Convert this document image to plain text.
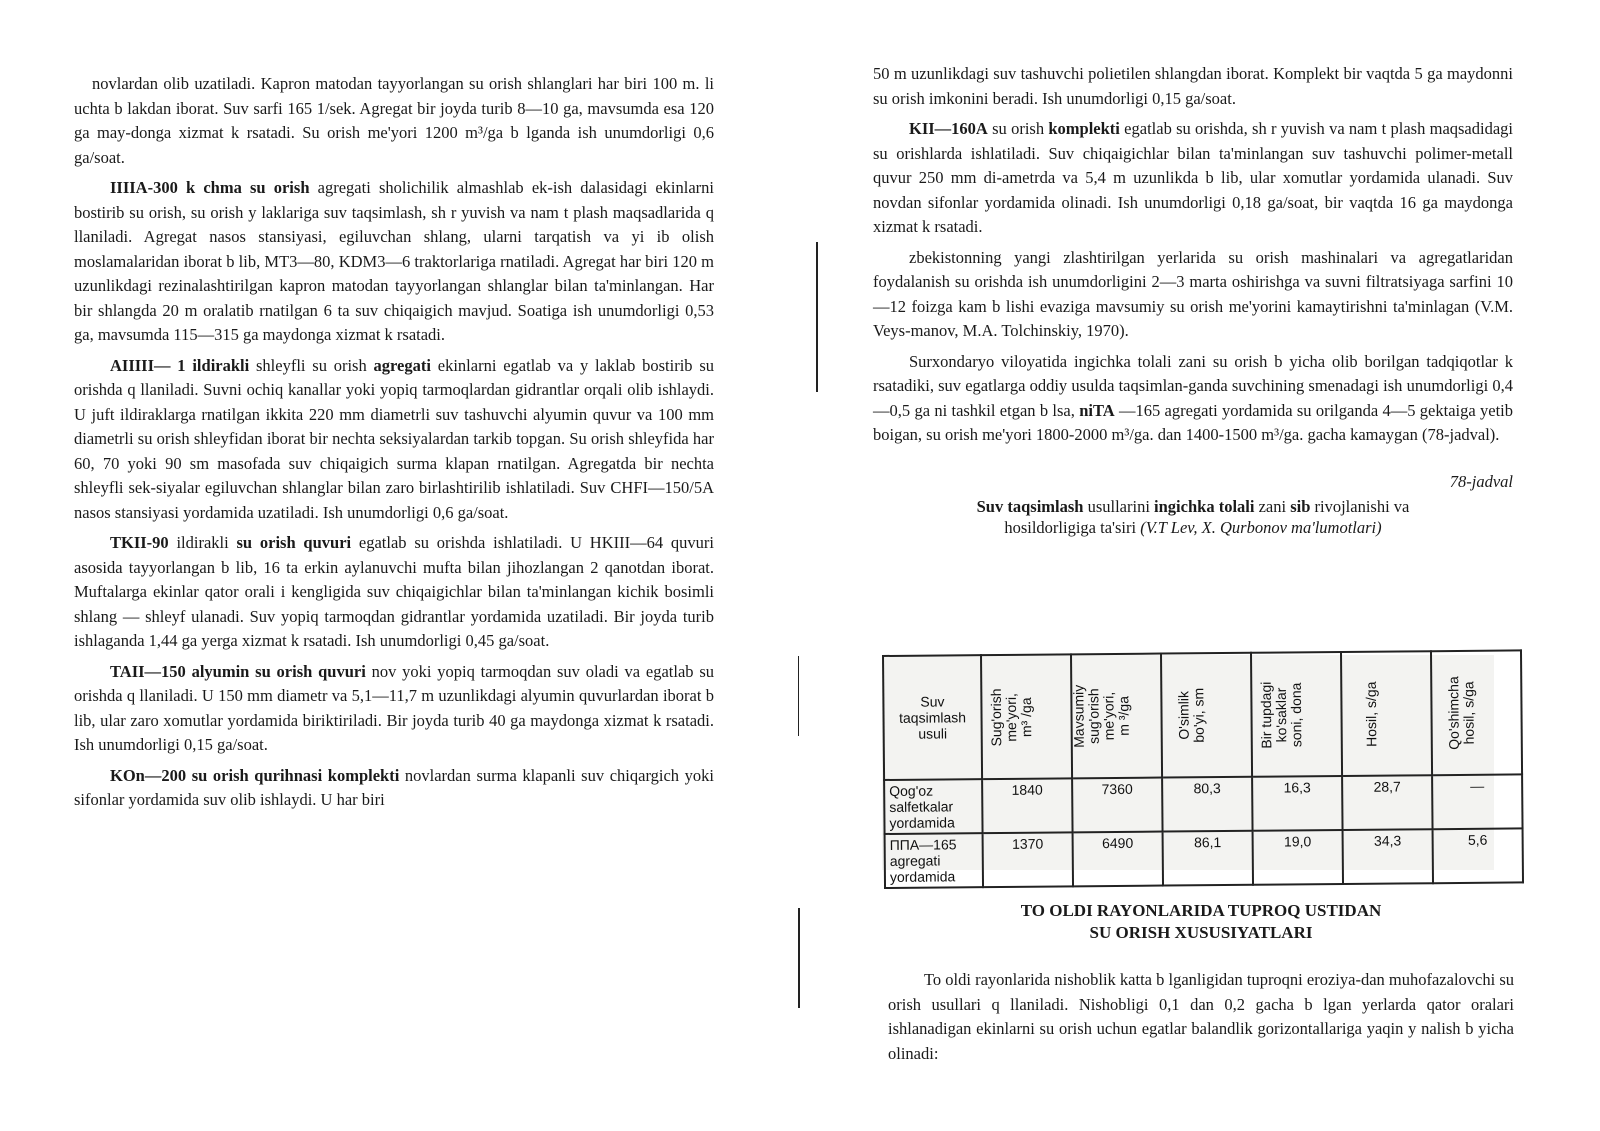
novlardan olib uzatiladi. Kapron matodan tayyorlangan su orish shlanglari har biri 100 m. li uchta b lakdan iborat. Suv sarfi 165 1/sek. Agregat bir joyda turib 8—10 ga, mavsumda esa 120 ga may-donga xizmat k rsatadi. Su orish me'yori 1200 m³/ga b lganda ish unumdorligi 0,6 ga/soat.

IIIIA-300 k chma su orish agregati sholichilik almashlab ek-ish dalasidagi ekinlarni bostirib su orish, su orish y laklariga suv taqsimlash, sh r yuvish va nam t plash maqsadlarida q llaniladi. Agregat nasos stansiyasi, egiluvchan shlang, ularni tarqatish va yi ib olish moslamalaridan iborat b lib, MT3—80, KDM3—6 traktorlariga rnatiladi. Agregat har biri 120 m uzunlikdagi rezinalashtirilgan kapron matodan tayyorlangan shlanglar bilan ta'minlangan. Har bir shlangda 20 m oralatib rnatilgan 6 ta suv chiqaigich mavjud. Soatiga ish unumdorligi 0,53 ga, mavsumda 115—315 ga maydonga xizmat k rsatadi.

AIIIII— 1 ildirakli shleyfli su orish agregati ekinlarni egatlab va y laklab bostirib su orishda q llaniladi. Suvni ochiq kanallar yoki yopiq tarmoqlardan gidrantlar orqali olib ishlaydi. U juft ildiraklarga rnatilgan ikkita 220 mm diametrli suv tashuvchi alyumin quvur va 100 mm diametrli su orish shleyfidan iborat bir nechta seksiyalardan tarkib topgan. Su orish shleyfida har 60, 70 yoki 90 sm masofada suv chiqaigich surma klapan rnatilgan. Agregatda bir nechta shleyfli sek-siyalar egiluvchan shlanglar bilan zaro birlashtirilib ishlatiladi. Suv CHFI—150/5A nasos stansiyasi yordamida uzatiladi. Ish unumdorligi 0,6 ga/soat.

TKII-90 ildirakli su orish quvuri egatlab su orishda ishlatiladi. U HKIII—64 quvuri asosida tayyorlangan b lib, 16 ta erkin aylanuvchi mufta bilan jihozlangan 2 qanotdan iborat. Muftalarga ekinlar qator orali i kengligida suv chiqaigichlar bilan ta'minlangan kichik bosimli shlang — shleyf ulanadi. Suv yopiq tarmoqdan gidrantlar yordamida uzatiladi. Bir joyda turib ishlaganda 1,44 ga yerga xizmat k rsatadi. Ish unumdorligi 0,45 ga/soat.

TAII—150 alyumin su orish quvuri nov yoki yopiq tarmoqdan suv oladi va egatlab su orishda q llaniladi. U 150 mm diametr va 5,1—11,7 m uzunlikdagi alyumin quvurlardan iborat b lib, ular zaro xomutlar yordamida biriktiriladi. Bir joyda turib 40 ga maydonga xizmat k rsatadi. Ish unumdorligi 0,15 ga/soat.

KOn—200 su orish qurihnasi komplekti novlardan surma klapanli suv chiqargich yoki sifonlar yordamida suv olib ishlaydi. U har biri

50 m uzunlikdagi suv tashuvchi polietilen shlangdan iborat. Komplekt bir vaqtda 5 ga maydonni su orish imkonini beradi. Ish unumdorligi 0,15 ga/soat.

KII—160A su orish komplekti egatlab su orishda, sh r yuvish va nam t plash maqsadidagi su orishlarda ishlatiladi. Suv chiqaigichlar bilan ta'minlangan suv tashuvchi polimer-metall quvur 250 mm di-ametrda va 5,4 m uzunlikda b lib, ular xomutlar yordamida ulanadi. Suv novdan sifonlar yordamida olinadi. Ish unumdorligi 0,18 ga/soat, bir vaqtda 16 ga maydonga xizmat k rsatadi.

zbekistonning yangi zlashtirilgan yerlarida su orish mashinalari va agregatlaridan foydalanish su orishda ish unumdorligini 2—3 marta oshirishga va suvni filtratsiyaga sarfini 10—12 foizga kam b lishi evaziga mavsumiy su orish me'yorini kamaytirishni ta'minlagan (V.M. Veys-manov, M.A. Tolchinskiy, 1970).

Surxondaryo viloyatida ingichka tolali zani su orish b yicha olib borilgan tadqiqotlar k rsatadiki, suv egatlarga oddiy usulda taqsimlan-ganda suvchining smenadagi ish unumdorligi 0,4—0,5 ga ni tashkil etgan b lsa, niTA —165 agregati yordamida su orilganda 4—5 gektaiga yetib boigan, su orish me'yori 1800-2000 m³/ga. dan 1400-1500 m³/ga. gacha kamaygan (78-jadval).

78-jadval

Suv taqsimlash usullarini ingichka tolali zani sib rivojlanishi va
hosildorligiga ta'siri (V.T Lev, X. Qurbonov ma'lumotlari)

Suv taqsimlash usuli	Sug'orish
me'yori,
m³ /ga	Mavsumiy
sug'orish
me'yori,
m ³/ga	O'simlik
bo'yi, sm	Bir tupdagi
ko'saklar
soni, dona	Hosil, s/ga	Qo'shimcha
hosil, s/ga
Qog'oz salfetkalar yordamida	1840	7360	80,3	16,3	28,7	—
ППА—165 agregati yordamida	1370	6490	86,1	19,0	34,3	5,6
TO OLDI RAYONLARIDA TUPROQ USTIDAN
SU ORISH XUSUSIYATLARI

To oldi rayonlarida nishoblik katta b lganligidan tuproqni eroziya-dan muhofazalovchi su orish usullari q llaniladi. Nishobligi 0,1 dan 0,2 gacha b lgan yerlarda qator oralari ishlanadigan ekinlarni su orish uchun egatlar balandlik gorizontallariga yaqin y nalish b yicha olinadi:
